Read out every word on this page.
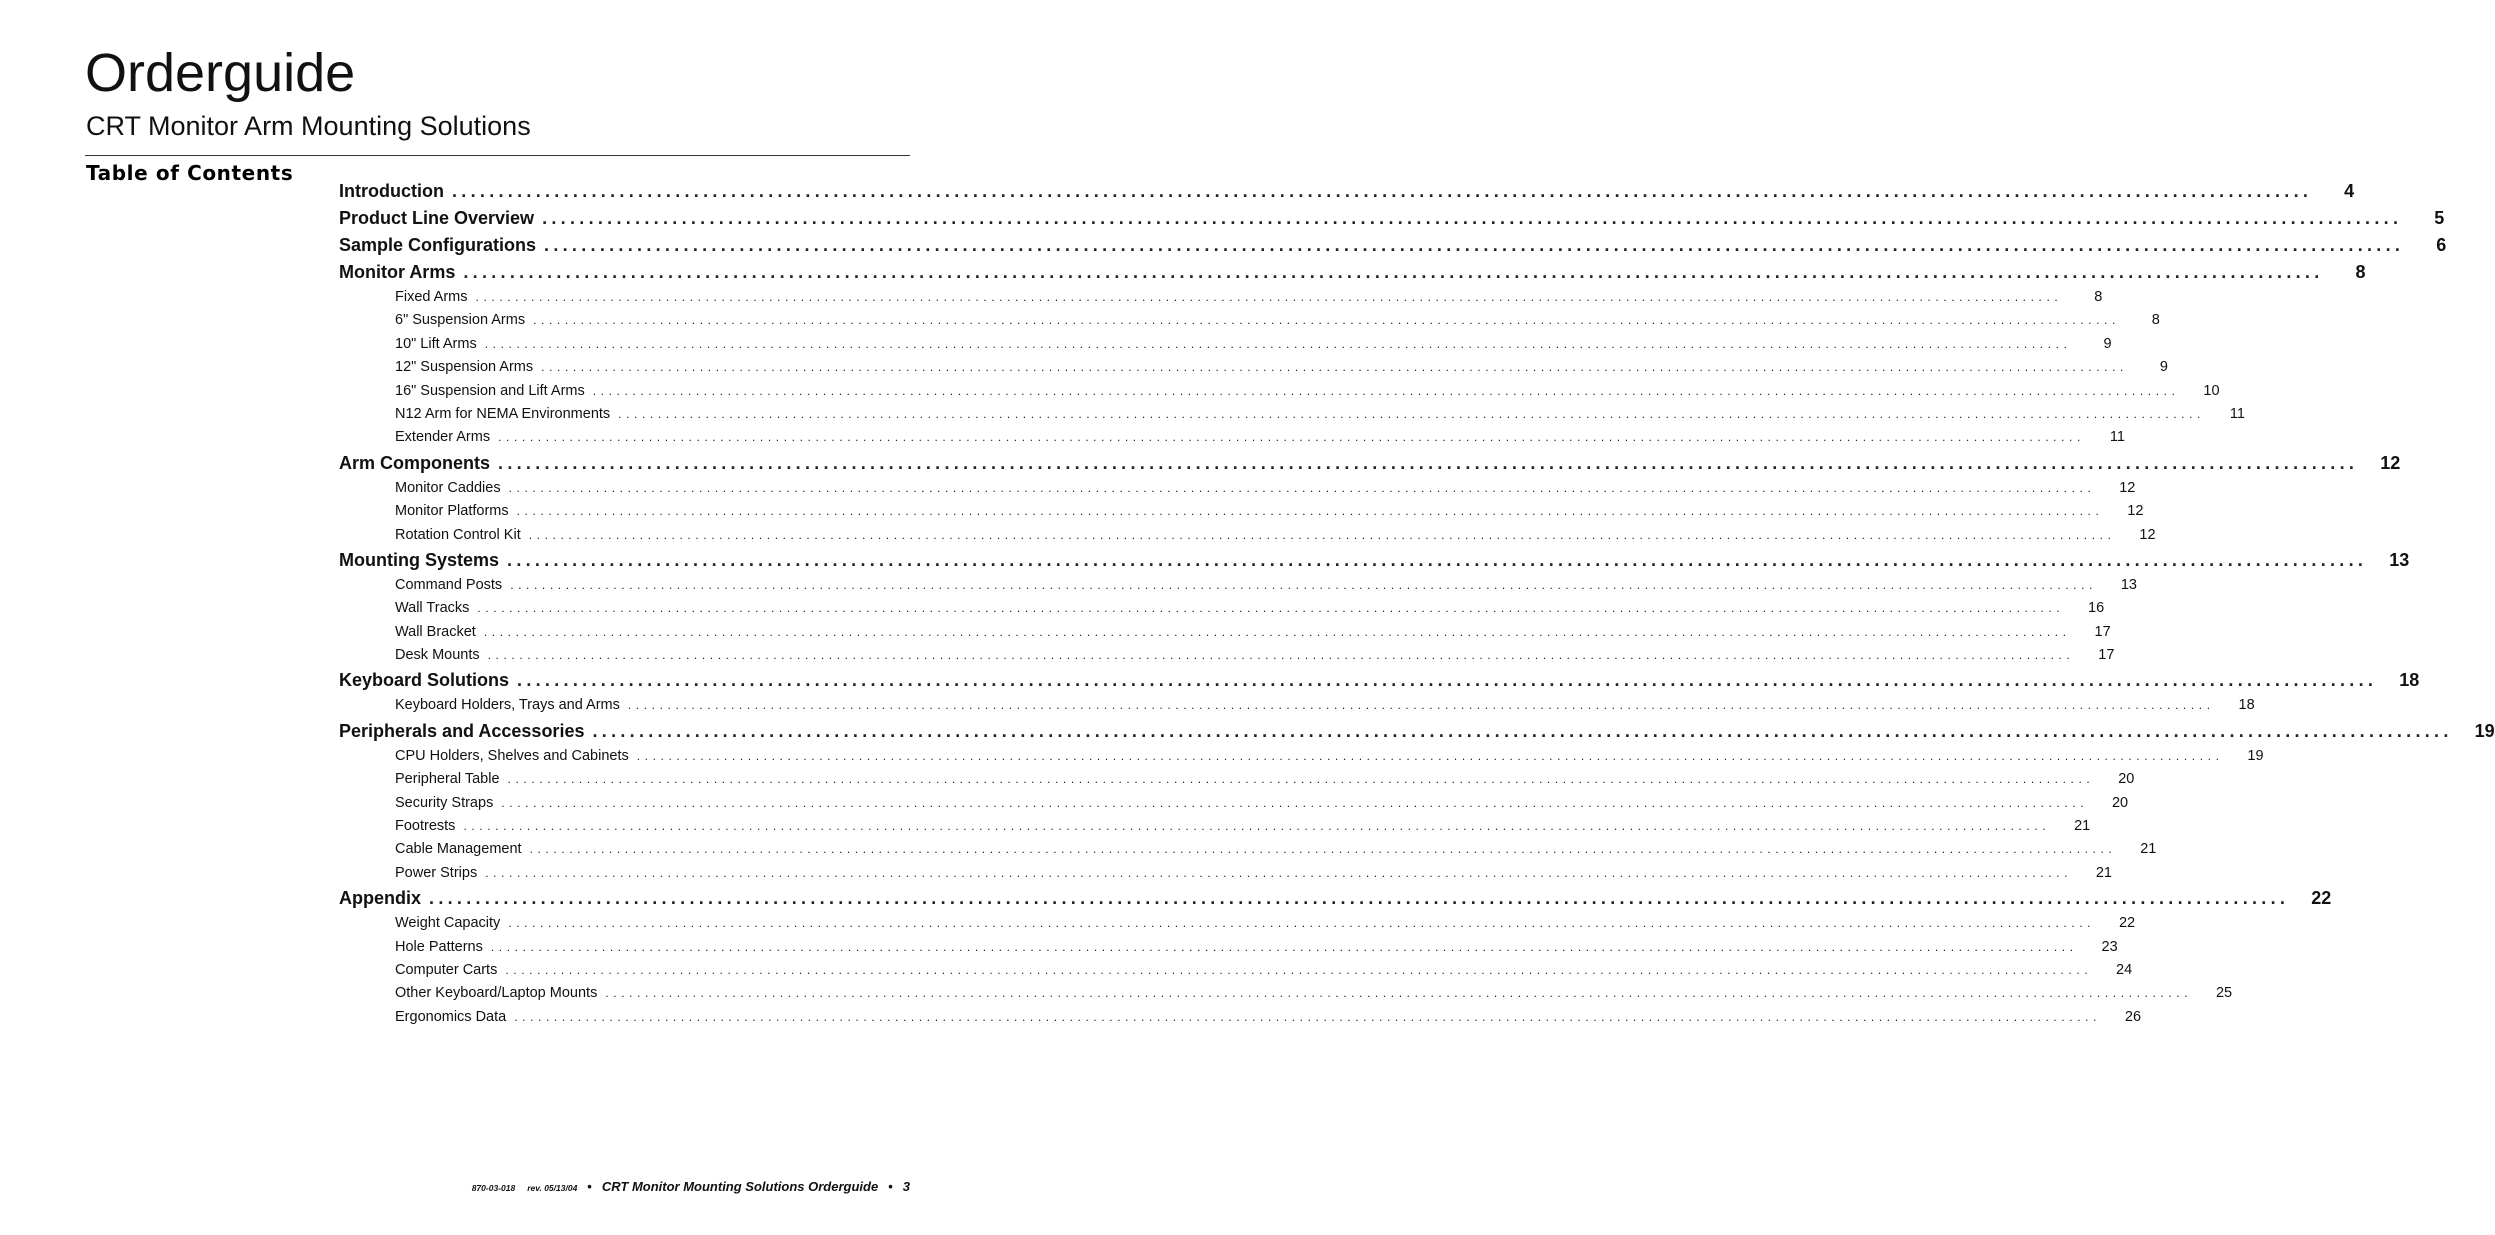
Orderguide
CRT Monitor Arm Mounting Solutions
Table of Contents
Introduction ........................................................................................................................................................................................................	4
Product Line Overview ........................................................................................................................................................................................................	5
Sample Configurations ........................................................................................................................................................................................................	6
Monitor Arms ........................................................................................................................................................................................................	8
Fixed Arms ........................................................................................................................................................................................................	8
6" Suspension Arms ........................................................................................................................................................................................................	8
10" Lift Arms ........................................................................................................................................................................................................	9
12" Suspension Arms ........................................................................................................................................................................................................	9
16" Suspension and Lift Arms ........................................................................................................................................................................................................	10
N12 Arm for NEMA Environments ........................................................................................................................................................................................................	11
Extender Arms ........................................................................................................................................................................................................	11
Arm Components ........................................................................................................................................................................................................	12
Monitor Caddies ........................................................................................................................................................................................................	12
Monitor Platforms ........................................................................................................................................................................................................	12
Rotation Control Kit ........................................................................................................................................................................................................	12
Mounting Systems ........................................................................................................................................................................................................	13
Command Posts ........................................................................................................................................................................................................	13
Wall Tracks ........................................................................................................................................................................................................	16
Wall Bracket ........................................................................................................................................................................................................	17
Desk Mounts ........................................................................................................................................................................................................	17
Keyboard Solutions ........................................................................................................................................................................................................	18
Keyboard Holders, Trays and Arms ........................................................................................................................................................................................................	18
Peripherals and Accessories ........................................................................................................................................................................................................	19
CPU Holders, Shelves and Cabinets ........................................................................................................................................................................................................	19
Peripheral Table ........................................................................................................................................................................................................	20
Security Straps ........................................................................................................................................................................................................	20
Footrests ........................................................................................................................................................................................................	21
Cable Management ........................................................................................................................................................................................................	21
Power Strips ........................................................................................................................................................................................................	21
Appendix ........................................................................................................................................................................................................	22
Weight Capacity ........................................................................................................................................................................................................	22
Hole Patterns ........................................................................................................................................................................................................	23
Computer Carts ........................................................................................................................................................................................................	24
Other Keyboard/Laptop Mounts ........................................................................................................................................................................................................	25
Ergonomics Data ........................................................................................................................................................................................................	26
870-03-018 rev. 05/13/04 • CRT Monitor Mounting Solutions Orderguide • 3
